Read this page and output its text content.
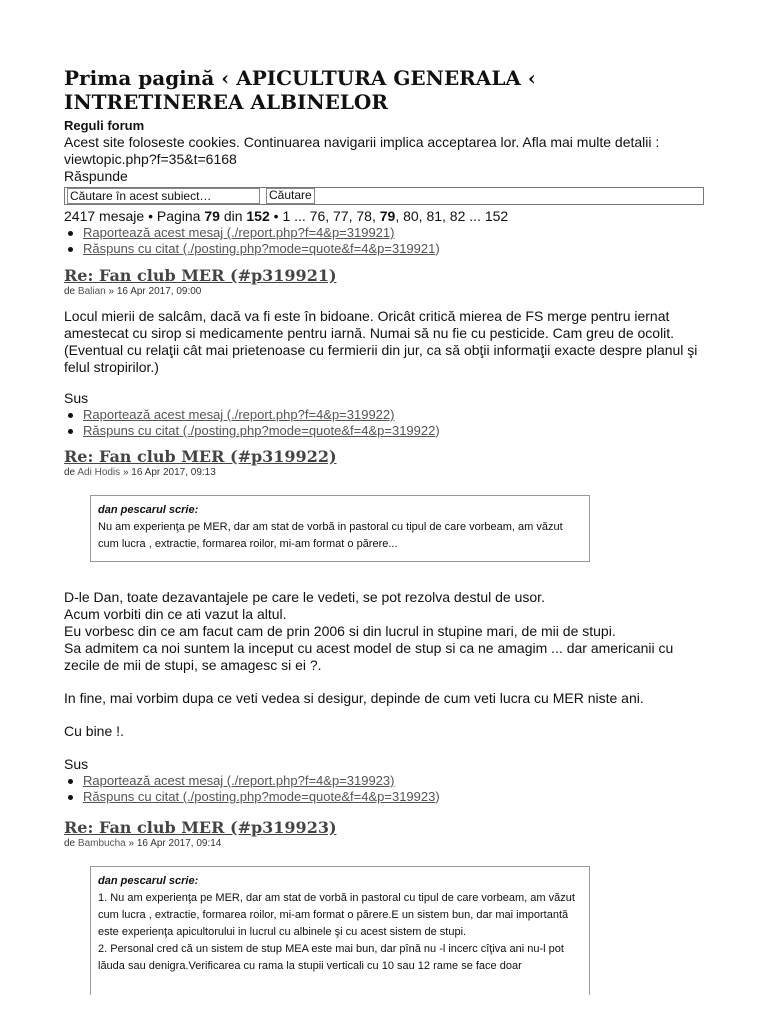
Prima pagină ‹ APICULTURA GENERALA ‹ INTRETINEREA ALBINELOR
Reguli forum
Acest site foloseste cookies. Continuarea navigarii implica acceptarea lor. Afla mai multe detalii :
viewtopic.php?f=35&t=6168
Răspunde
Căutare în acest subiect…	Căutare
2417 mesaje • Pagina 79 din 152 • 1 ... 76, 77, 78, 79, 80, 81, 82 ... 152
Raportează acest mesaj (./report.php?f=4&p=319921)
Răspuns cu citat (./posting.php?mode=quote&f=4&p=319921)
Re: Fan club MER (#p319921)
de Balian » 16 Apr 2017, 09:00

Locul mierii de salcâm, dacă va fi este în bidoane. Oricât critică mierea de FS merge pentru iernat amestecat cu sirop si medicamente pentru iarnă. Numai să nu fie cu pesticide. Cam greu de ocolit. (Eventual cu relaţii cât mai prietenoase cu fermierii din jur, ca să obţii informaţii exacte despre planul şi felul stropirilor.)

Sus
Raportează acest mesaj (./report.php?f=4&p=319922)
Răspuns cu citat (./posting.php?mode=quote&f=4&p=319922)
Re: Fan club MER (#p319922)
de Adi Hodis » 16 Apr 2017, 09:13
dan pescarul scrie:
Nu am experienţa pe MER, dar am stat de vorbă in pastoral cu tipul de care vorbeam, am văzut cum lucra , extractie, formarea roilor, mi-am format o părere...

D-le Dan, toate dezavantajele pe care le vedeti, se pot rezolva destul de usor.

Acum vorbiti din ce ati vazut la altul.

Eu vorbesc din ce am facut cam de prin 2006 si din lucrul in stupine mari, de mii de stupi.

Sa admitem ca noi suntem la inceput cu acest model de stup si ca ne amagim ... dar americanii cu zecile de mii de stupi, se amagesc si ei ?.

In fine, mai vorbim dupa ce veti vedea si desigur, depinde de cum veti lucra cu MER niste ani.

Cu bine !.

Sus
Raportează acest mesaj (./report.php?f=4&p=319923)
Răspuns cu citat (./posting.php?mode=quote&f=4&p=319923)
Re: Fan club MER (#p319923)
de Bambucha » 16 Apr 2017, 09:14
dan pescarul scrie:
1. Nu am experienţa pe MER, dar am stat de vorbă in pastoral cu tipul de care vorbeam, am văzut cum lucra , extractie, formarea roilor, mi-am format o părere.E un sistem bun, dar mai importantă este experienţa apicultorului in lucrul cu albinele şi cu acest sistem de stupi.
2. Personal cred că un sistem de stup MEA este mai bun, dar pînă nu -l incerc cîţiva ani nu-l pot lăuda sau denigra.Verificarea cu rama la stupii verticali cu 10 sau 12 rame se face doar
